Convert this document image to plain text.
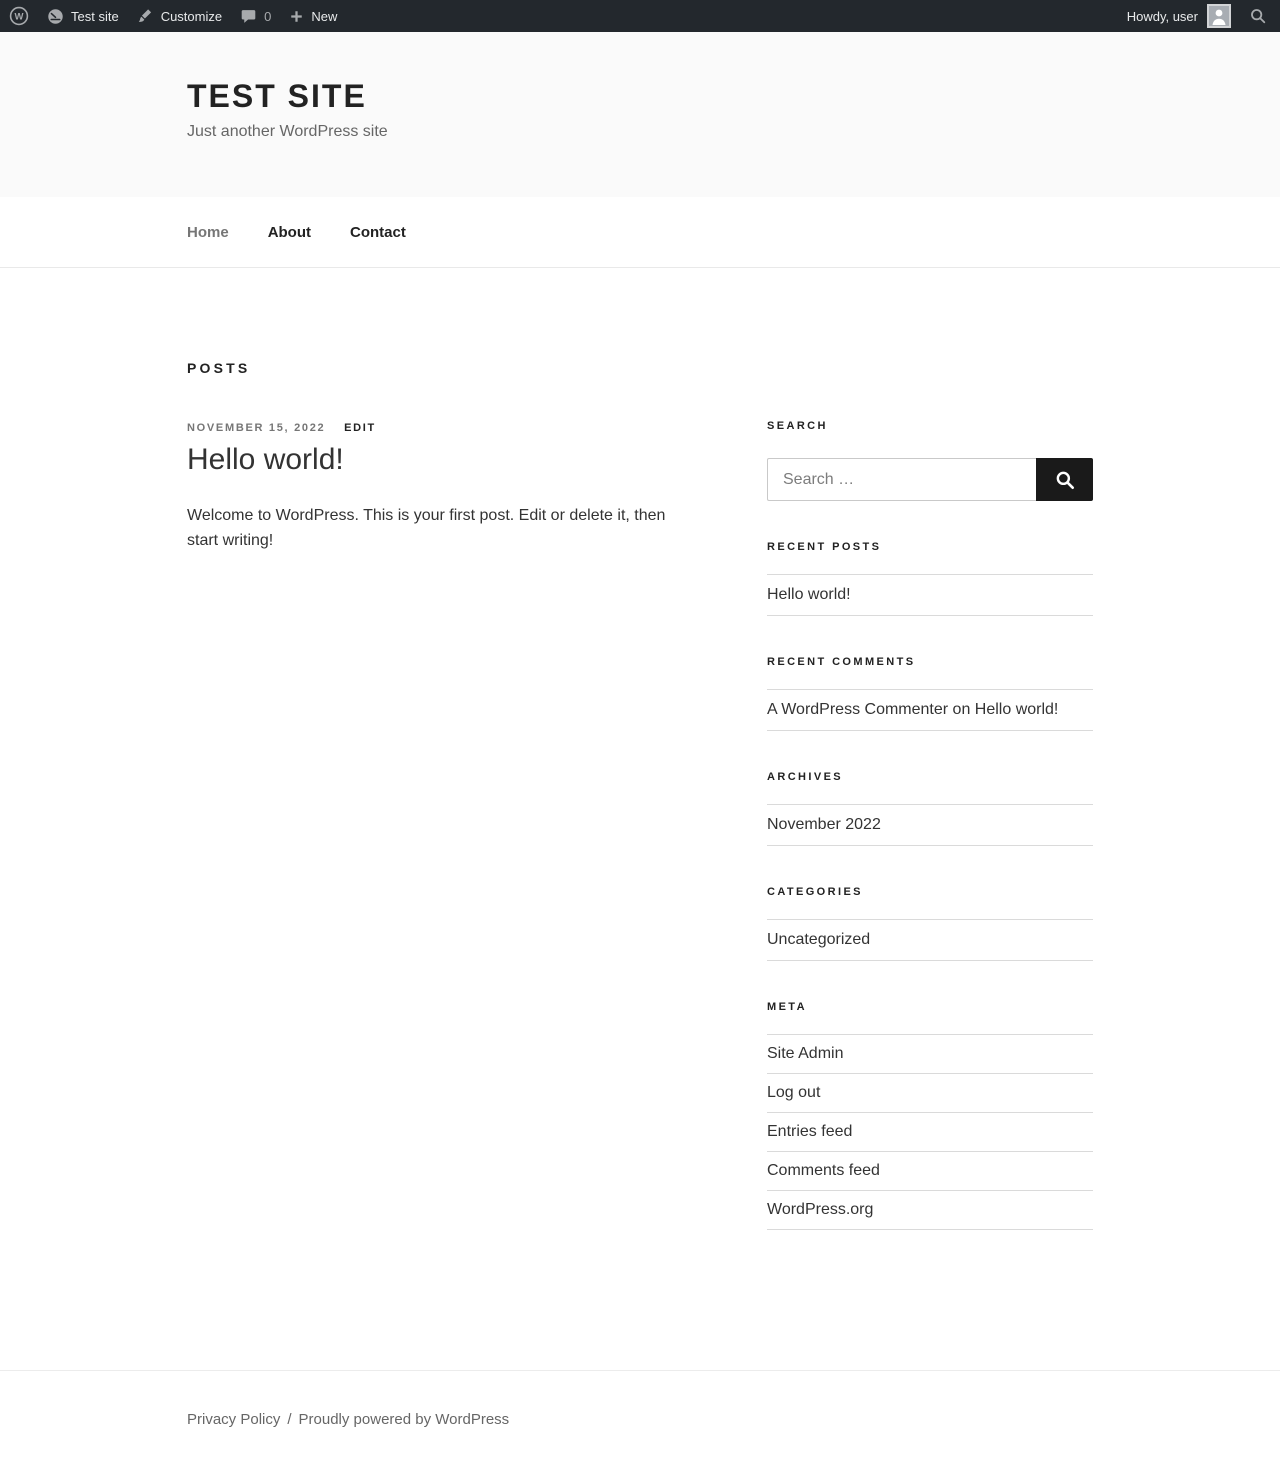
W	Test site	Customize	0	New	Howdy, user
TEST SITE

Just another WordPress site

Home	About	Contact
POSTS
NOVEMBER 15, 2022 EDIT
Hello world!

Welcome to WordPress. This is your first post. Edit or delete it, then start writing!

SEARCH
Search …
RECENT POSTS
Hello world!
RECENT COMMENTS
A WordPress Commenter on Hello world!
ARCHIVES
November 2022
CATEGORIES
Uncategorized
META
Site Admin
Log out
Entries feed
Comments feed
WordPress.org
Privacy Policy / Proudly powered by WordPress
